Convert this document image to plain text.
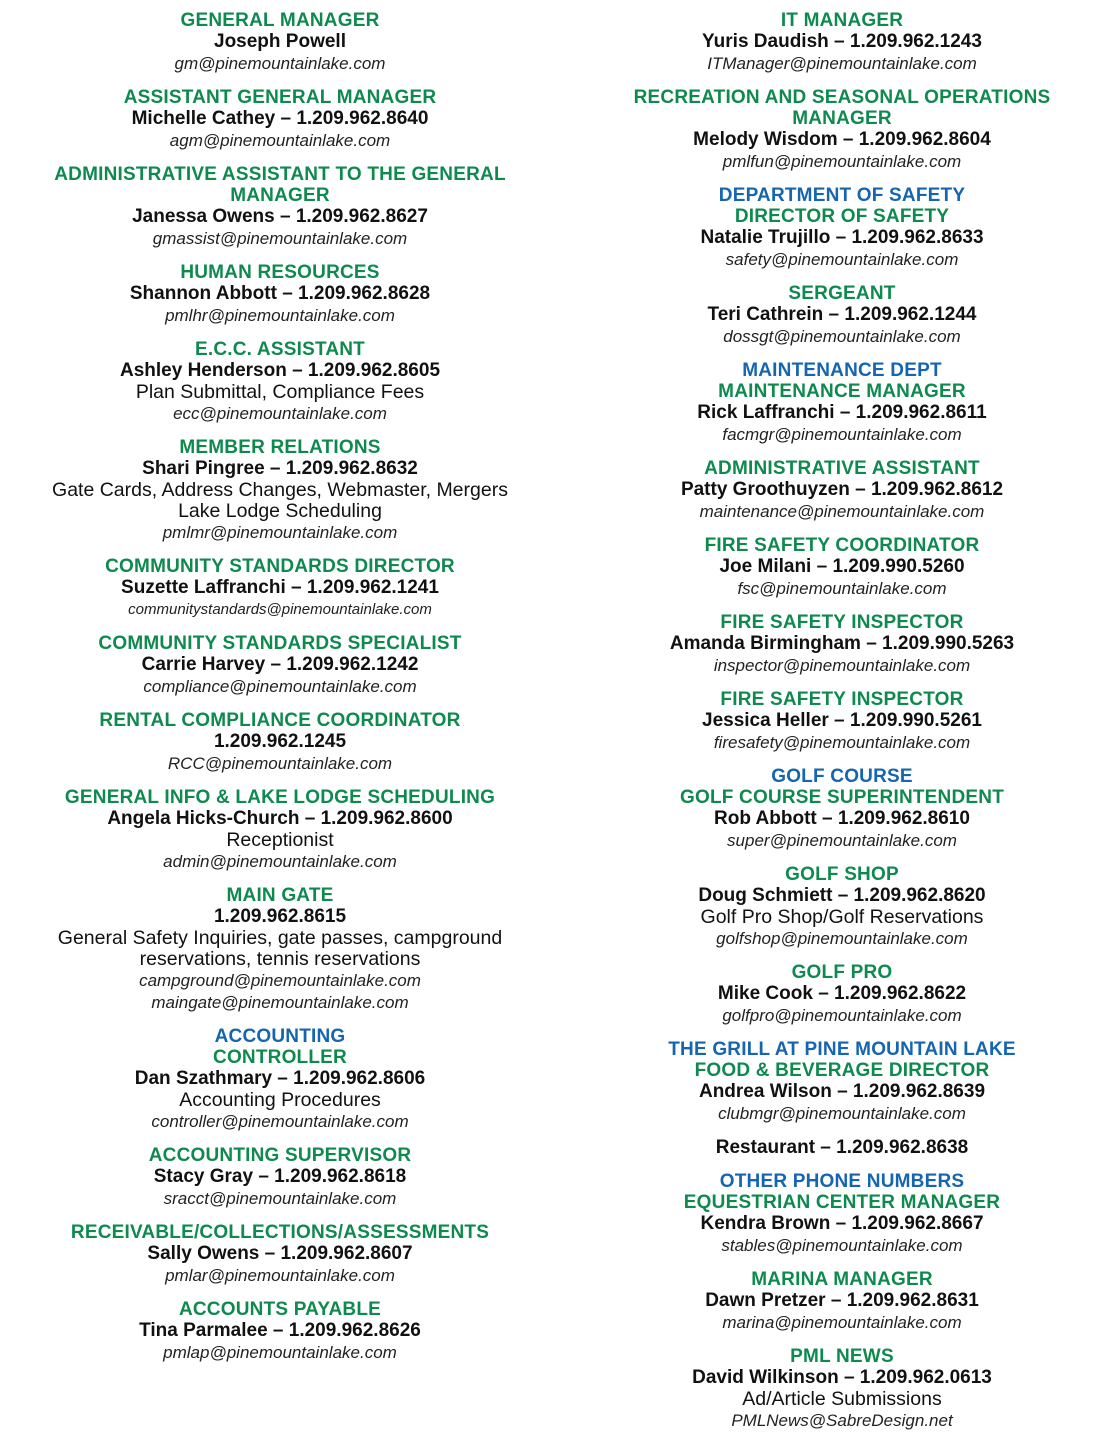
GENERAL MANAGER
Joseph Powell
gm@pinemountainlake.com
ASSISTANT GENERAL MANAGER
Michelle Cathey – 1.209.962.8640
agm@pinemountainlake.com
ADMINISTRATIVE ASSISTANT TO THE GENERAL MANAGER
Janessa Owens – 1.209.962.8627
gmassist@pinemountainlake.com
HUMAN RESOURCES
Shannon Abbott – 1.209.962.8628
pmlhr@pinemountainlake.com
E.C.C. ASSISTANT
Ashley Henderson – 1.209.962.8605
Plan Submittal, Compliance Fees
ecc@pinemountainlake.com
MEMBER RELATIONS
Shari Pingree – 1.209.962.8632
Gate Cards, Address Changes, Webmaster, Mergers
Lake Lodge Scheduling
pmlmr@pinemountainlake.com
COMMUNITY STANDARDS DIRECTOR
Suzette Laffranchi – 1.209.962.1241
communitystandards@pinemountainlake.com
COMMUNITY STANDARDS SPECIALIST
Carrie Harvey – 1.209.962.1242
compliance@pinemountainlake.com
RENTAL COMPLIANCE COORDINATOR
1.209.962.1245
RCC@pinemountainlake.com
GENERAL INFO & LAKE LODGE SCHEDULING
Angela Hicks-Church – 1.209.962.8600
Receptionist
admin@pinemountainlake.com
MAIN GATE
1.209.962.8615
General Safety Inquiries, gate passes, campground
reservations, tennis reservations
campground@pinemountainlake.com
maingate@pinemountainlake.com
ACCOUNTING
CONTROLLER
Dan Szathmary – 1.209.962.8606
Accounting Procedures
controller@pinemountainlake.com
ACCOUNTING SUPERVISOR
Stacy Gray – 1.209.962.8618
sracct@pinemountainlake.com
RECEIVABLE/COLLECTIONS/ASSESSMENTS
Sally Owens – 1.209.962.8607
pmlar@pinemountainlake.com
ACCOUNTS PAYABLE
Tina Parmalee – 1.209.962.8626
pmlap@pinemountainlake.com
IT MANAGER
Yuris Daudish – 1.209.962.1243
ITManager@pinemountainlake.com
RECREATION AND SEASONAL OPERATIONS MANAGER
Melody Wisdom – 1.209.962.8604
pmlfun@pinemountainlake.com
DEPARTMENT OF SAFETY
DIRECTOR OF SAFETY
Natalie Trujillo – 1.209.962.8633
safety@pinemountainlake.com
SERGEANT
Teri Cathrein – 1.209.962.1244
dossgt@pinemountainlake.com
MAINTENANCE DEPT
MAINTENANCE MANAGER
Rick Laffranchi – 1.209.962.8611
facmgr@pinemountainlake.com
ADMINISTRATIVE ASSISTANT
Patty Groothuyzen – 1.209.962.8612
maintenance@pinemountainlake.com
FIRE SAFETY COORDINATOR
Joe Milani – 1.209.990.5260
fsc@pinemountainlake.com
FIRE SAFETY INSPECTOR
Amanda Birmingham – 1.209.990.5263
inspector@pinemountainlake.com
FIRE SAFETY INSPECTOR
Jessica Heller – 1.209.990.5261
firesafety@pinemountainlake.com
GOLF COURSE
GOLF COURSE SUPERINTENDENT
Rob Abbott – 1.209.962.8610
super@pinemountainlake.com
GOLF SHOP
Doug Schmiett – 1.209.962.8620
Golf Pro Shop/Golf Reservations
golfshop@pinemountainlake.com
GOLF PRO
Mike Cook – 1.209.962.8622
golfpro@pinemountainlake.com
THE GRILL AT PINE MOUNTAIN LAKE
FOOD & BEVERAGE DIRECTOR
Andrea Wilson – 1.209.962.8639
clubmgr@pinemountainlake.com
Restaurant – 1.209.962.8638
OTHER PHONE NUMBERS
EQUESTRIAN CENTER MANAGER
Kendra Brown – 1.209.962.8667
stables@pinemountainlake.com
MARINA MANAGER
Dawn Pretzer – 1.209.962.8631
marina@pinemountainlake.com
PML NEWS
David Wilkinson – 1.209.962.0613
Ad/Article Submissions
PMLNews@SabreDesign.net
